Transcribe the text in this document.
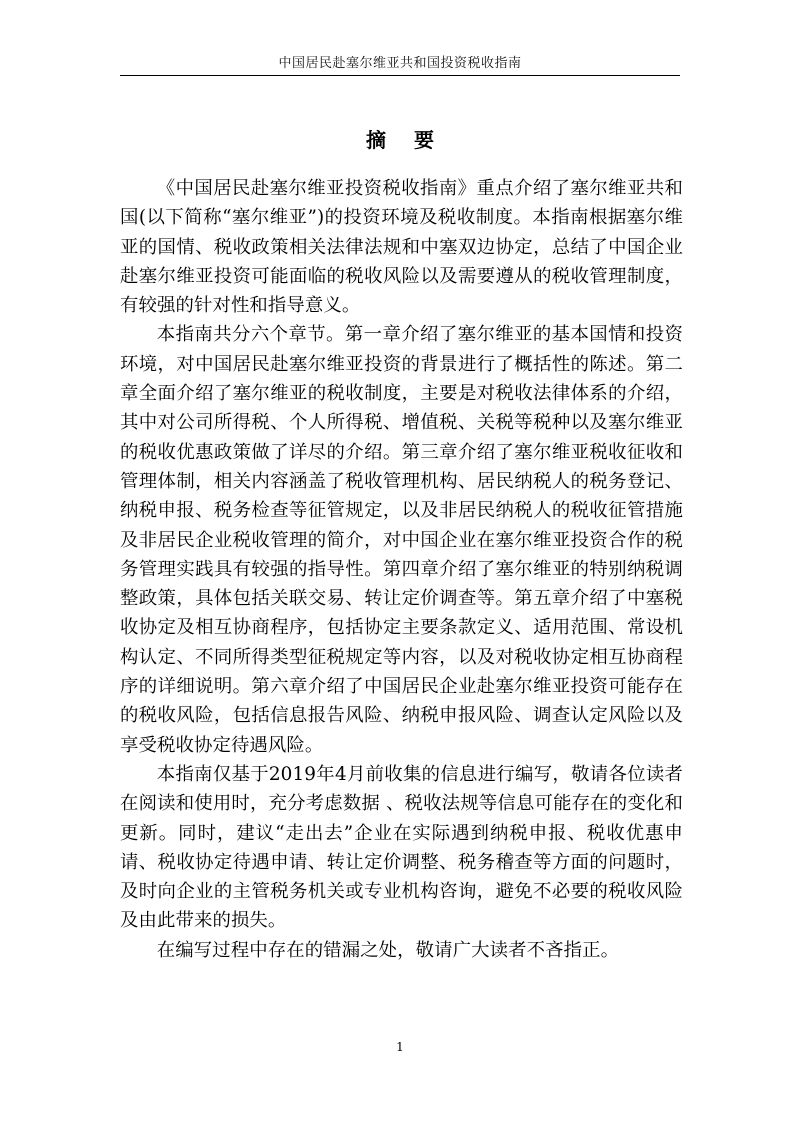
中国居民赴塞尔维亚共和国投资税收指南
摘要

《中国居民赴塞尔维亚投资税收指南》重点介绍了塞尔维亚共和国(以下简称“塞尔维亚”)的投资环境及税收制度。本指南根据塞尔维亚的国情、税收政策相关法律法规和中塞双边协定，总结了中国企业赴塞尔维亚投资可能面临的税收风险以及需要遵从的税收管理制度，有较强的针对性和指导意义。

本指南共分六个章节。第一章介绍了塞尔维亚的基本国情和投资环境，对中国居民赴塞尔维亚投资的背景进行了概括性的陈述。第二章全面介绍了塞尔维亚的税收制度，主要是对税收法律体系的介绍，其中对公司所得税、个人所得税、增值税、关税等税种以及塞尔维亚的税收优惠政策做了详尽的介绍。第三章介绍了塞尔维亚税收征收和管理体制，相关内容涵盖了税收管理机构、居民纳税人的税务登记、纳税申报、税务检查等征管规定，以及非居民纳税人的税收征管措施及非居民企业税收管理的简介，对中国企业在塞尔维亚投资合作的税务管理实践具有较强的指导性。第四章介绍了塞尔维亚的特别纳税调整政策，具体包括关联交易、转让定价调查等。第五章介绍了中塞税收协定及相互协商程序，包括协定主要条款定义、适用范围、常设机构认定、不同所得类型征税规定等内容，以及对税收协定相互协商程序的详细说明。第六章介绍了中国居民企业赴塞尔维亚投资可能存在的税收风险，包括信息报告风险、纳税申报风险、调查认定风险以及享受税收协定待遇风险。

本指南仅基于2019年4月前收集的信息进行编写，敬请各位读者在阅读和使用时，充分考虑数据 、税收法规等信息可能存在的变化和更新。同时，建议“走出去”企业在实际遇到纳税申报、税收优惠申请、税收协定待遇申请、转让定价调整、税务稽查等方面的问题时，及时向企业的主管税务机关或专业机构咨询，避免不必要的税收风险及由此带来的损失。

在编写过程中存在的错漏之处，敬请广大读者不吝指正。

1
